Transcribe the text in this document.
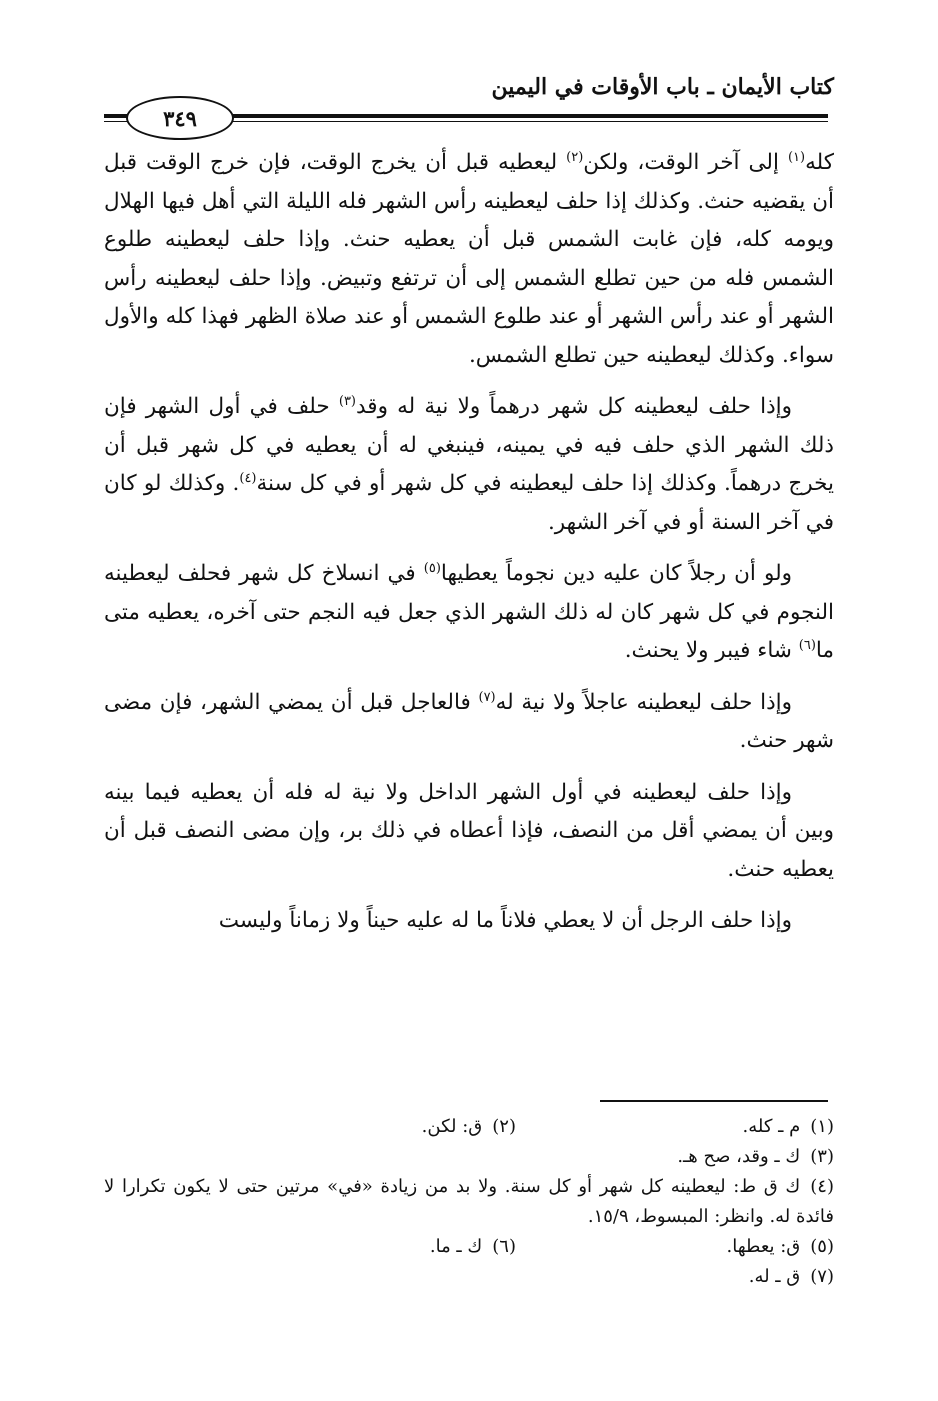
كتاب الأيمان ـ باب الأوقات في اليمين
٣٤٩

كله$^{(١)}$ إلى آخر الوقت، ولكن$^{(٢)}$ ليعطيه قبل أن يخرج الوقت، فإن خرج الوقت قبل أن يقضيه حنث. وكذلك إذا حلف ليعطينه رأس الشهر فله الليلة التي أهل فيها الهلال ويومه كله، فإن غابت الشمس قبل أن يعطيه حنث. وإذا حلف ليعطينه طلوع الشمس فله من حين تطلع الشمس إلى أن ترتفع وتبيض. وإذا حلف ليعطينه رأس الشهر أو عند رأس الشهر أو عند طلوع الشمس أو عند صلاة الظهر فهذا كله والأول سواء. وكذلك ليعطينه حين تطلع الشمس.

وإذا حلف ليعطينه كل شهر درهماً ولا نية له وقد$^{(٣)}$ حلف في أول الشهر فإن ذلك الشهر الذي حلف فيه في يمينه، فينبغي له أن يعطيه في كل شهر قبل أن يخرج درهماً. وكذلك إذا حلف ليعطينه في كل شهر أو في كل سنة$^{(٤)}$. وكذلك لو كان في آخر السنة أو في آخر الشهر.

ولو أن رجلاً كان عليه دين نجوماً يعطيها$^{(٥)}$ في انسلاخ كل شهر فحلف ليعطينه النجوم في كل شهر كان له ذلك الشهر الذي جعل فيه النجم حتى آخره، يعطيه متى ما$^{(٦)}$ شاء فيبر ولا يحنث.

وإذا حلف ليعطينه عاجلاً ولا نية له$^{(٧)}$ فالعاجل قبل أن يمضي الشهر، فإن مضى شهر حنث.

وإذا حلف ليعطينه في أول الشهر الداخل ولا نية له فله أن يعطيه فيما بينه وبين أن يمضي أقل من النصف، فإذا أعطاه في ذلك بر، وإن مضى النصف قبل أن يعطيه حنث.

وإذا حلف الرجل أن لا يعطي فلاناً ما له عليه حيناً ولا زماناً وليست

(١)م ـ كله.
(٢)ق: لكن.
(٣)ك ـ وقد، صح هـ.
(٤)ك ق ط: ليعطينه كل شهر أو كل سنة. ولا بد من زيادة «في» مرتين حتى لا يكون تكرارا لا فائدة له. وانظر: المبسوط، ١٥/٩.
(٥)ق: يعطها.
(٦)ك ـ ما.
(٧)ق ـ له.
